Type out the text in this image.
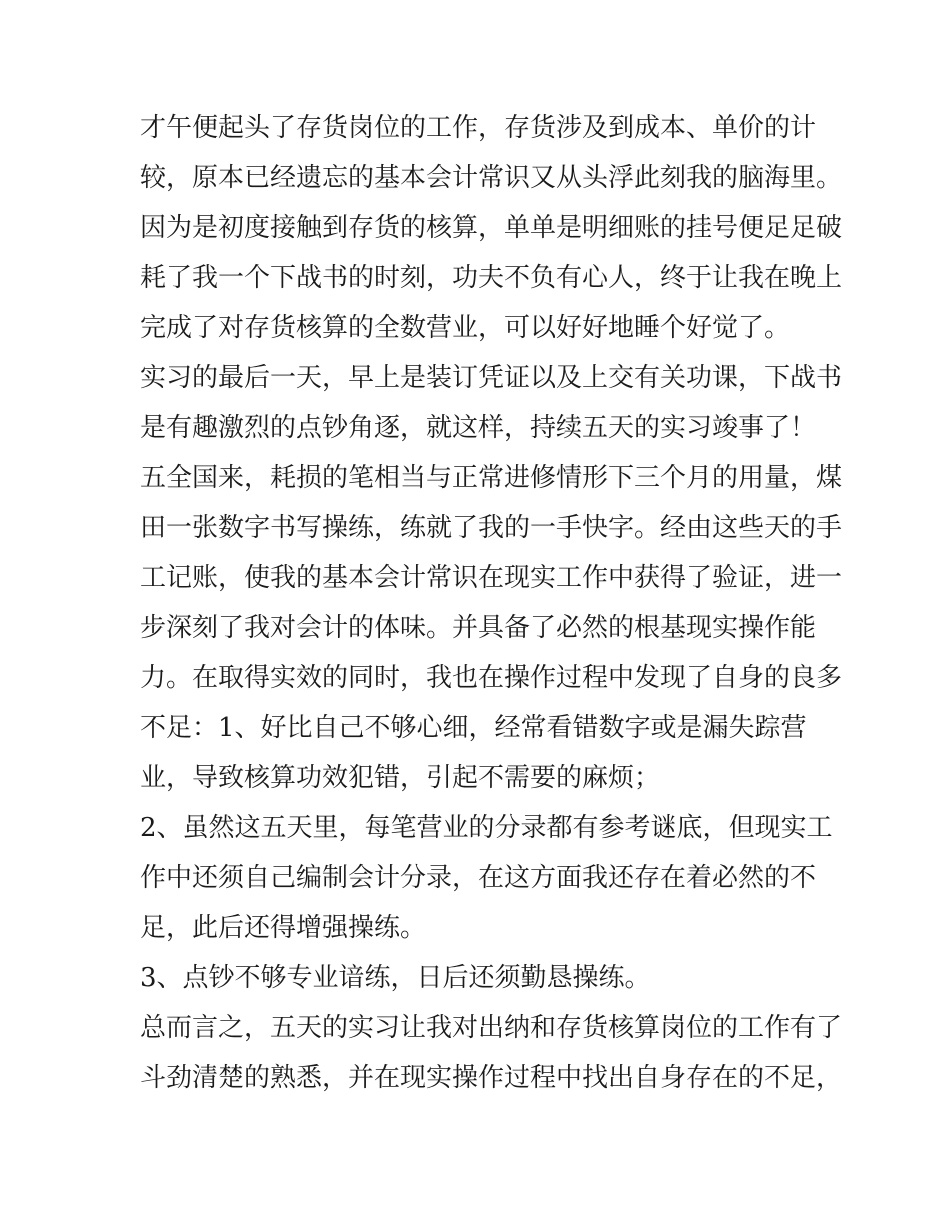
才午便起头了存货岗位的工作，存货涉及到成本、单价的计
较，原本已经遗忘的基本会计常识又从头浮此刻我的脑海里。
因为是初度接触到存货的核算，单单是明细账的挂号便足足破
耗了我一个下战书的时刻，功夫不负有心人，终于让我在晚上
完成了对存货核算的全数营业，可以好好地睡个好觉了。
实习的最后一天，早上是装订凭证以及上交有关功课，下战书
是有趣激烈的点钞角逐，就这样，持续五天的实习竣事了！
五全国来，耗损的笔相当与正常进修情形下三个月的用量，煤
田一张数字书写操练，练就了我的一手快字。经由这些天的手
工记账，使我的基本会计常识在现实工作中获得了验证，进一
步深刻了我对会计的体味。并具备了必然的根基现实操作能
力。在取得实效的同时，我也在操作过程中发现了自身的良多
不足：1、好比自己不够心细，经常看错数字或是漏失踪营
业，导致核算功效犯错，引起不需要的麻烦；
2、虽然这五天里，每笔营业的分录都有参考谜底，但现实工
作中还须自己编制会计分录，在这方面我还存在着必然的不
足，此后还得增强操练。
3、点钞不够专业谙练，日后还须勤恳操练。
总而言之，五天的实习让我对出纳和存货核算岗位的工作有了
斗劲清楚的熟悉，并在现实操作过程中找出自身存在的不足，
